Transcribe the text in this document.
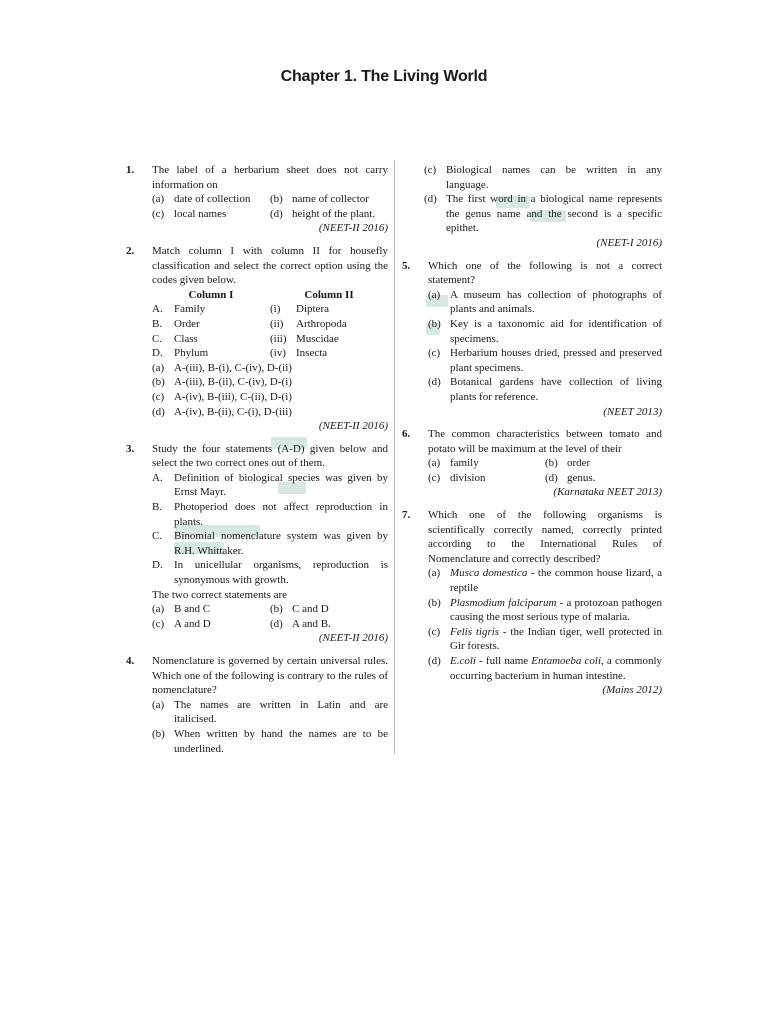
Chapter 1. The Living World
1. The label of a herbarium sheet does not carry information on
(a) date of collection	(b) name of collector
(c) local names	(d) height of the plant.
(NEET-II 2016)
2. Match column I with column II for housefly classification and select the correct option using the codes given below.
Column I	Column II
A. Family	(i) Diptera
B. Order	(ii) Arthropoda
C. Class	(iii) Muscidae
D. Phylum	(iv) Insecta
(a) A-(iii), B-(i), C-(iv), D-(ii)
(b) A-(iii), B-(ii), C-(iv), D-(i)
(c) A-(iv), B-(iii), C-(ii), D-(i)
(d) A-(iv), B-(ii), C-(i), D-(iii)
(NEET-II 2016)
3. Study the four statements (A-D) given below and select the two correct ones out of them.
A. Definition of biological species was given by Ernst Mayr.
B. Photoperiod does not affect reproduction in plants.
C. Binomial nomenclature system was given by R.H. Whittaker.
D. In unicellular organisms, reproduction is synonymous with growth.
The two correct statements are
(a) B and C	(b) C and D
(c) A and D	(d) A and B.
(NEET-II 2016)
4. Nomenclature is governed by certain universal rules. Which one of the following is contrary to the rules of nomenclature?
(a) The names are written in Latin and are italicised.
(b) When written by hand the names are to be underlined.
(c) Biological names can be written in any language.
(d) The first word in a biological name represents the genus name and the second is a specific epithet.
(NEET-I 2016)
5. Which one of the following is not a correct statement?
(a) A museum has collection of photographs of plants and animals.
(b) Key is a taxonomic aid for identification of specimens.
(c) Herbarium houses dried, pressed and preserved plant specimens.
(d) Botanical gardens have collection of living plants for reference.
(NEET 2013)
6. The common characteristics between tomato and potato will be maximum at the level of their
(a) family	(b) order
(c) division	(d) genus.
(Karnataka NEET 2013)
7. Which one of the following organisms is scientifically correctly named, correctly printed according to the International Rules of Nomenclature and correctly described?
(a) Musca domestica - the common house lizard, a reptile
(b) Plasmodium falciparum - a protozoan pathogen causing the most serious type of malaria.
(c) Felis tigris - the Indian tiger, well protected in Gir forests.
(d) E.coli - full name Entamoeba coli, a commonly occurring bacterium in human intestine.
(Mains 2012)
